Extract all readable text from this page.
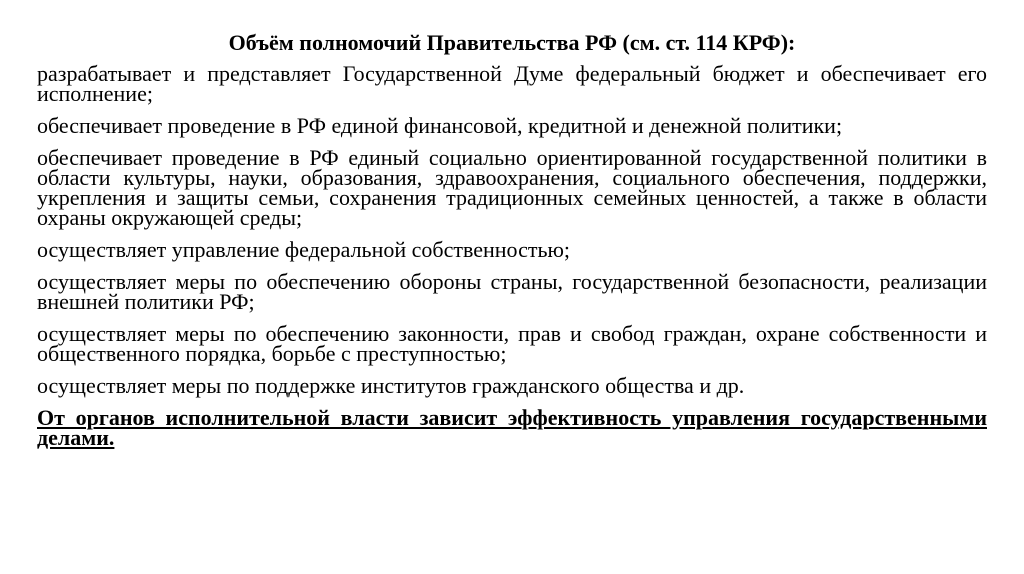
Объём полномочий Правительства РФ (см. ст. 114 КРФ):
разрабатывает и представляет Государственной Думе федеральный бюджет и обеспечивает его исполнение;
обеспечивает проведение в РФ единой финансовой, кредитной и денежной политики;
обеспечивает проведение в РФ единый социально ориентированной государственной политики в области культуры, науки, образования, здравоохранения, социального обеспечения, поддержки, укрепления и защиты семьи, сохранения традиционных семейных ценностей, а также в области охраны окружающей среды;
осуществляет управление федеральной собственностью;
осуществляет меры по обеспечению обороны страны, государственной безопасности, реализации внешней политики РФ;
осуществляет меры по обеспечению законности, прав и свобод граждан, охране собственности и общественного порядка, борьбе с преступностью;
осуществляет меры по поддержке институтов гражданского общества и др.
От органов исполнительной власти зависит эффективность управления государственными делами.
